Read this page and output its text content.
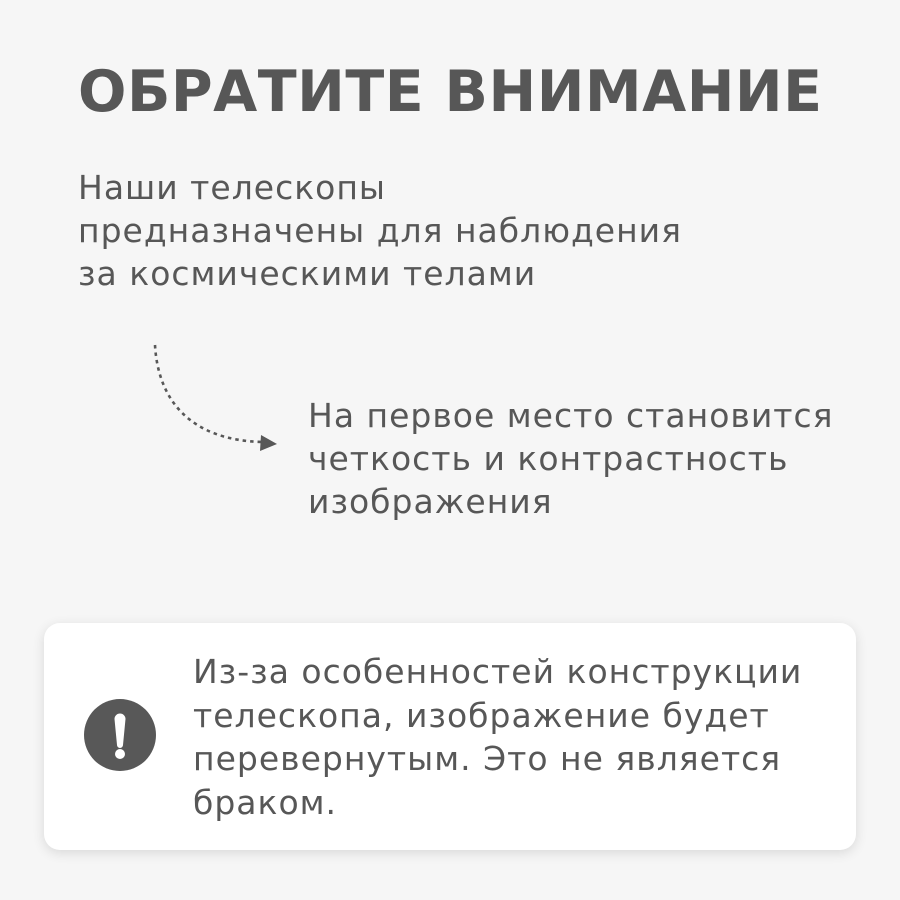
ОБРАТИТЕ ВНИМАНИЕ
Наши телескопы
предназначены для наблюдения
за космическими телами
На первое место становится
четкость и контрастность
изображения
Из-за особенностей конструкции
телескопа, изображение будет
перевернутым. Это не является
браком.
